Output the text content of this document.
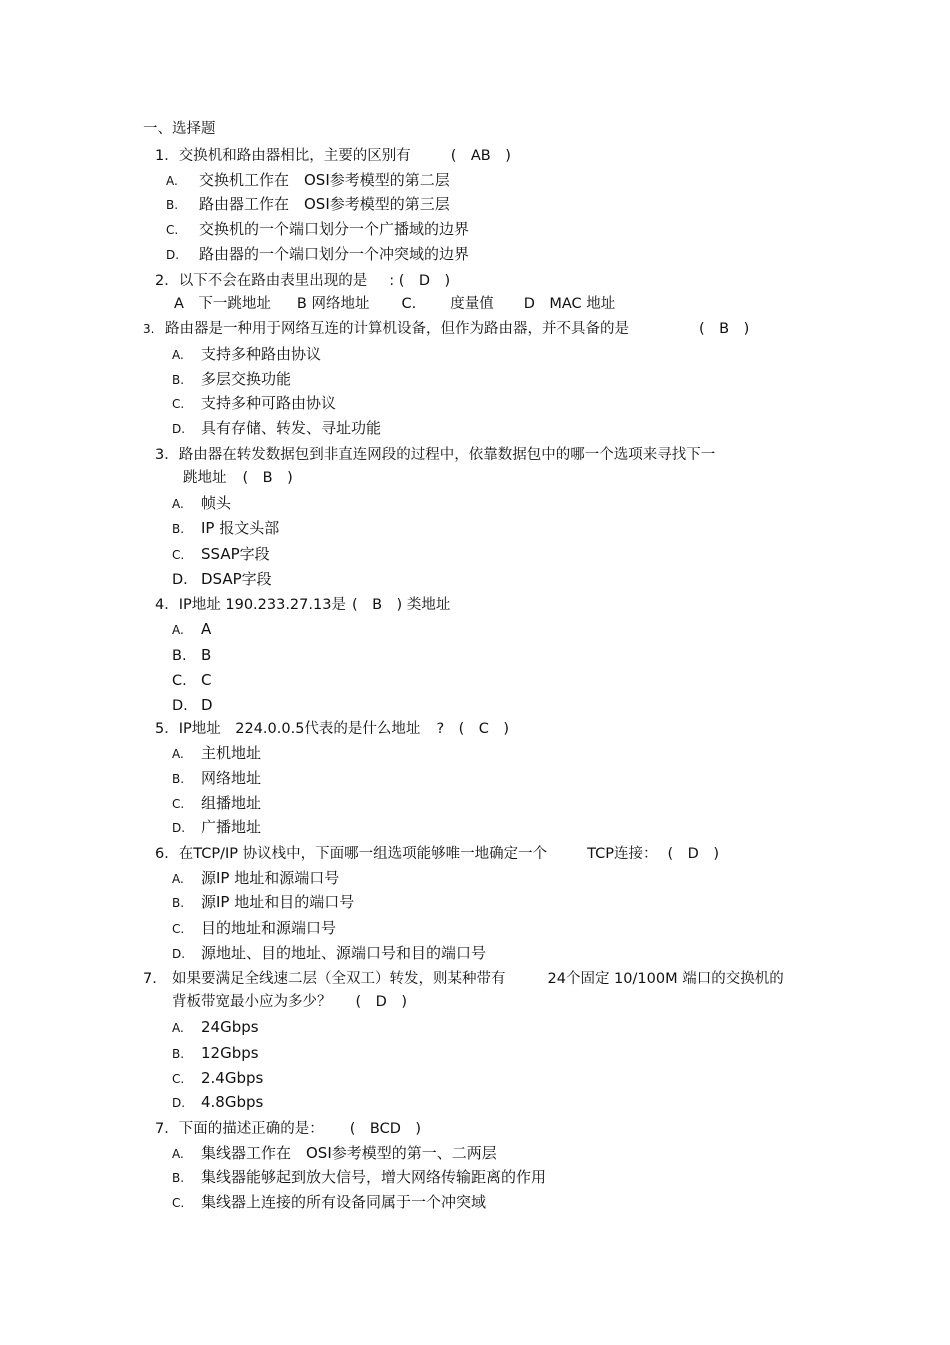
一、选择题
1．交换机和路由器相比，主要的区别有	(　AB　)
A. 交换机工作在　OSI参考模型的第二层
B. 路由器工作在　OSI参考模型的第三层
C. 交换机的一个端口划分一个广播域的边界
D. 路由器的一个端口划分一个冲突域的边界
2．以下不会在路由表里出现的是 : (　D　)
A　下一跳地址 B 网络地址 C. 度量值 D　MAC 地址
3. 路由器是一种用于网络互连的计算机设备，但作为路由器，并不具备的是	(　B　)
A. 支持多种路由协议
B. 多层交换功能
C. 支持多种可路由协议
D. 具有存储、转发、寻址功能
3．路由器在转发数据包到非直连网段的过程中，依靠数据包中的哪一个选项来寻找下一
跳地址 (　B　)
A. 帧头
B. IP 报文头部
C. SSAP字段
D. DSAP字段
4．IP地址 190.233.27.13是 (　B　) 类地址
A. A
B. B
C. C
D. D
5．IP地址　224.0.0.5代表的是什么地址 ?　(　C　)
A. 主机地址
B. 网络地址
C. 组播地址
D. 广播地址
6．在TCP/IP 协议栈中，下面哪一组选项能够唯一地确定一个	TCP连接： (　D　)
A. 源IP 地址和源端口号
B. 源IP 地址和目的端口号
C. 目的地址和源端口号
D. 源地址、目的地址、源端口号和目的端口号
7. 如果要满足全线速二层（全双工）转发，则某种带有	24个固定 10/100M 端口的交换机的
背板带宽最小应为多少？ (　D　)
A. 24Gbps
B. 12Gbps
C. 2.4Gbps
D. 4.8Gbps
7．下面的描述正确的是： (　BCD　)
A. 集线器工作在　OSI参考模型的第一、二两层
B. 集线器能够起到放大信号，增大网络传输距离的作用
C. 集线器上连接的所有设备同属于一个冲突域
